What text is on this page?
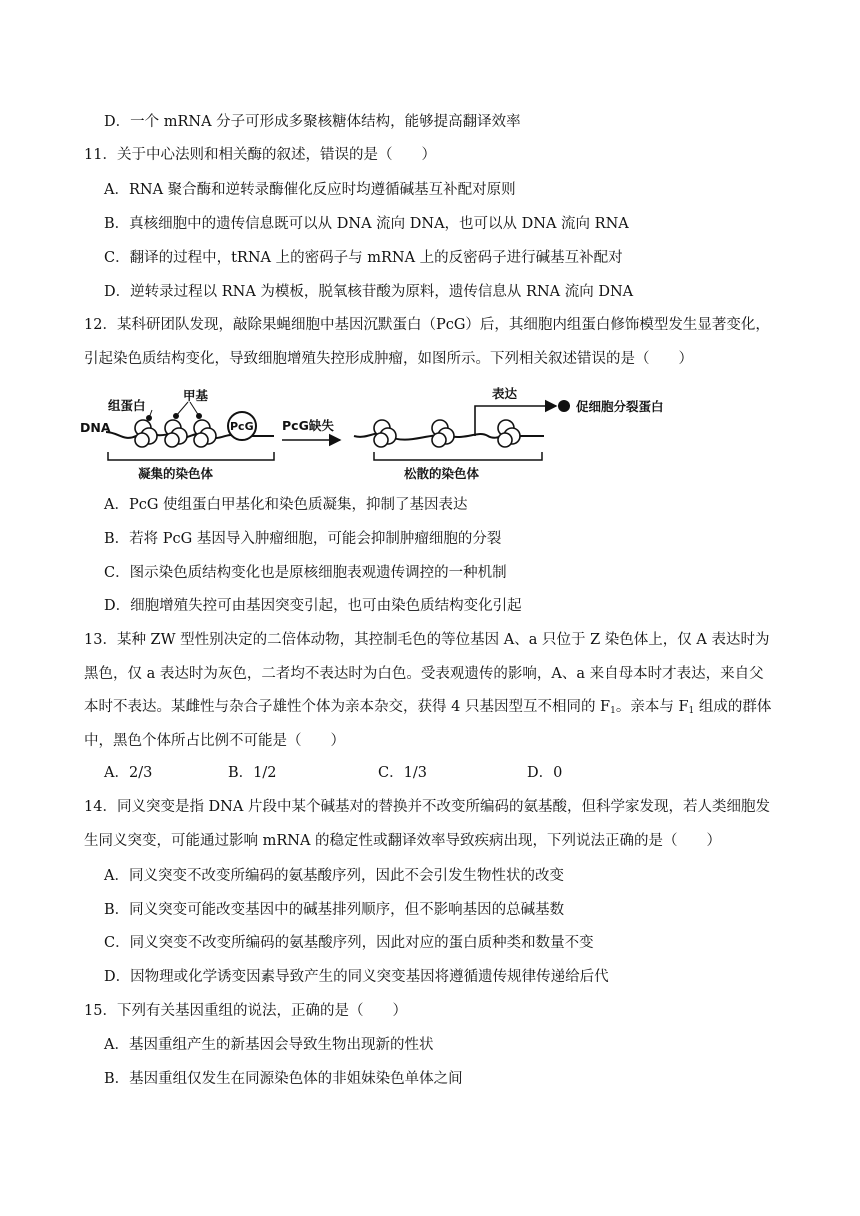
D．一个 mRNA 分子可形成多聚核糖体结构，能够提高翻译效率
11．关于中心法则和相关酶的叙述，错误的是（　　）
A．RNA 聚合酶和逆转录酶催化反应时均遵循碱基互补配对原则
B．真核细胞中的遗传信息既可以从 DNA 流向 DNA，也可以从 DNA 流向 RNA
C．翻译的过程中，tRNA 上的密码子与 mRNA 上的反密码子进行碱基互补配对
D．逆转录过程以 RNA 为模板，脱氧核苷酸为原料，遗传信息从 RNA 流向 DNA
12．某科研团队发现，敲除果蝇细胞中基因沉默蛋白（PcG）后，其细胞内组蛋白修饰模型发生显著变化，
引起染色质结构变化，导致细胞增殖失控形成肿瘤，如图所示。下列相关叙述错误的是（　　）
组蛋白
甲基
DNA	PcG
凝集的染色体
PcG缺失
表达
促细胞分裂蛋白
松散的染色体
A．PcG 使组蛋白甲基化和染色质凝集，抑制了基因表达
B．若将 PcG 基因导入肿瘤细胞，可能会抑制肿瘤细胞的分裂
C．图示染色质结构变化也是原核细胞表观遗传调控的一种机制
D．细胞增殖失控可由基因突变引起，也可由染色质结构变化引起
13．某种 ZW 型性别决定的二倍体动物，其控制毛色的等位基因 A、a 只位于 Z 染色体上，仅 A 表达时为
黑色，仅 a 表达时为灰色，二者均不表达时为白色。受表观遗传的影响，A、a 来自母本时才表达，来自父
本时不表达。某雌性与杂合子雄性个体为亲本杂交，获得 4 只基因型互不相同的 $F_1$。亲本与 $F_1$ 组成的群体
中，黑色个体所占比例不可能是（　　）
A．2/3	B．1/2	C．1/3	D．0
14．同义突变是指 DNA 片段中某个碱基对的替换并不改变所编码的氨基酸，但科学家发现，若人类细胞发
生同义突变，可能通过影响 mRNA 的稳定性或翻译效率导致疾病出现，下列说法正确的是（　　）
A．同义突变不改变所编码的氨基酸序列，因此不会引发生物性状的改变
B．同义突变可能改变基因中的碱基排列顺序，但不影响基因的总碱基数
C．同义突变不改变所编码的氨基酸序列，因此对应的蛋白质种类和数量不变
D．因物理或化学诱变因素导致产生的同义突变基因将遵循遗传规律传递给后代
15．下列有关基因重组的说法，正确的是（　　）
A．基因重组产生的新基因会导致生物出现新的性状
B．基因重组仅发生在同源染色体的非姐妹染色单体之间
